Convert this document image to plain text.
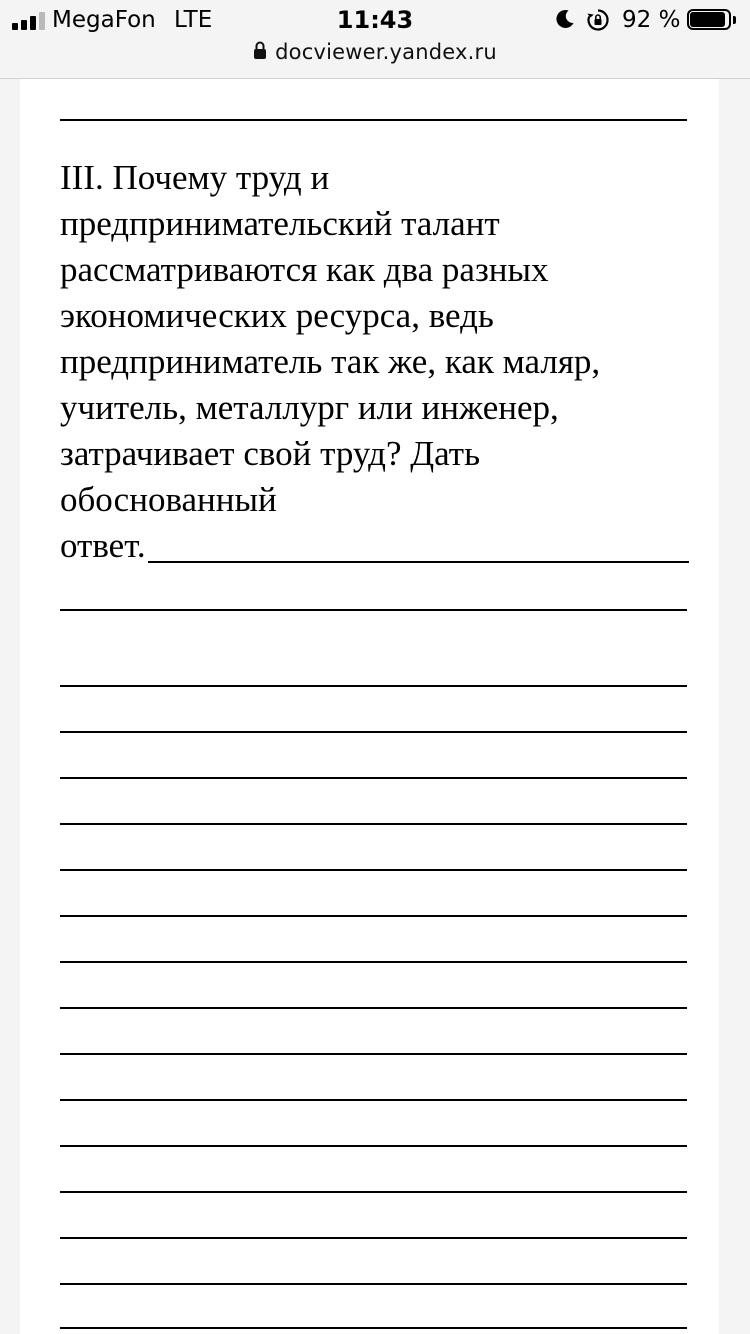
MegaFon LTE	11:43	92 %
docviewer.yandex.ru

III. Почему труд и
предпринимательский талант
рассматриваются как два разных
экономических ресурса, ведь
предприниматель так же, как маляр,
учитель, металлург или инженер,
затрачивает свой труд? Дать
обоснованный

ответ.
